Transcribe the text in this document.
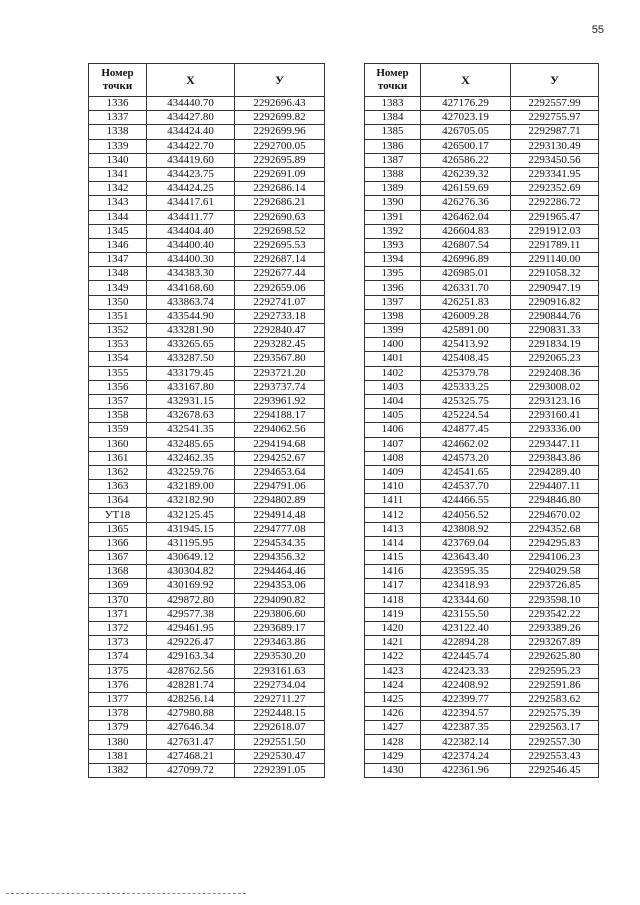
55
Номер точки	X	У
1336	434440.70	2292696.43
1337	434427.80	2292699.82
1338	434424.40	2292699.96
1339	434422.70	2292700.05
1340	434419.60	2292695.89
1341	434423.75	2292691.09
1342	434424.25	2292686.14
1343	434417.61	2292686.21
1344	434411.77	2292690.63
1345	434404.40	2292698.52
1346	434400.40	2292695.53
1347	434400.30	2292687.14
1348	434383.30	2292677.44
1349	434168.60	2292659.06
1350	433863.74	2292741.07
1351	433544.90	2292733.18
1352	433281.90	2292840.47
1353	433265.65	2293282.45
1354	433287.50	2293567.80
1355	433179.45	2293721.20
1356	433167.80	2293737.74
1357	432931.15	2293961.92
1358	432678.63	2294188.17
1359	432541.35	2294062.56
1360	432485.65	2294194.68
1361	432462.35	2294252.67
1362	432259.76	2294653.64
1363	432189.00	2294791.06
1364	432182.90	2294802.89
УТ18	432125.45	2294914.48
1365	431945.15	2294777.08
1366	431195.95	2294534.35
1367	430649.12	2294356.32
1368	430304.82	2294464.46
1369	430169.92	2294353.06
1370	429872.80	2294090.82
1371	429577.38	2293806.60
1372	429461.95	2293689.17
1373	429226.47	2293463.86
1374	429163.34	2293530.20
1375	428762.56	2293161.63
1376	428281.74	2292734.04
1377	428256.14	2292711.27
1378	427980.88	2292448.15
1379	427646.34	2292618.07
1380	427631.47	2292551.50
1381	427468.21	2292530.47
1382	427099.72	2292391.05
Номер точки	X	У
1383	427176.29	2292557.99
1384	427023.19	2292755.97
1385	426705.05	2292987.71
1386	426500.17	2293130.49
1387	426586.22	2293450.56
1388	426239.32	2293341.95
1389	426159.69	2292352.69
1390	426276.36	2292286.72
1391	426462.04	2291965.47
1392	426604.83	2291912.03
1393	426807.54	2291789.11
1394	426996.89	2291140.00
1395	426985.01	2291058.32
1396	426331.70	2290947.19
1397	426251.83	2290916.82
1398	426009.28	2290844.76
1399	425891.00	2290831.33
1400	425413.92	2291834.19
1401	425408.45	2292065.23
1402	425379.78	2292408.36
1403	425333.25	2293008.02
1404	425325.75	2293123.16
1405	425224.54	2293160.41
1406	424877.45	2293336.00
1407	424662.02	2293447.11
1408	424573.20	2293843.86
1409	424541.65	2294289.40
1410	424537.70	2294407.11
1411	424466.55	2294846.80
1412	424056.52	2294670.02
1413	423808.92	2294352.68
1414	423769.04	2294295.83
1415	423643.40	2294106.23
1416	423595.35	2294029.58
1417	423418.93	2293726.85
1418	423344.60	2293598.10
1419	423155.50	2293542.22
1420	423122.40	2293389.26
1421	422894.28	2293267.89
1422	422445.74	2292625.80
1423	422423.33	2292595.23
1424	422408.92	2292591.86
1425	422399.77	2292583.62
1426	422394.57	2292575.39
1427	422387.35	2292563.17
1428	422382.14	2292557.30
1429	422374.24	2292553.43
1430	422361.96	2292546.45
